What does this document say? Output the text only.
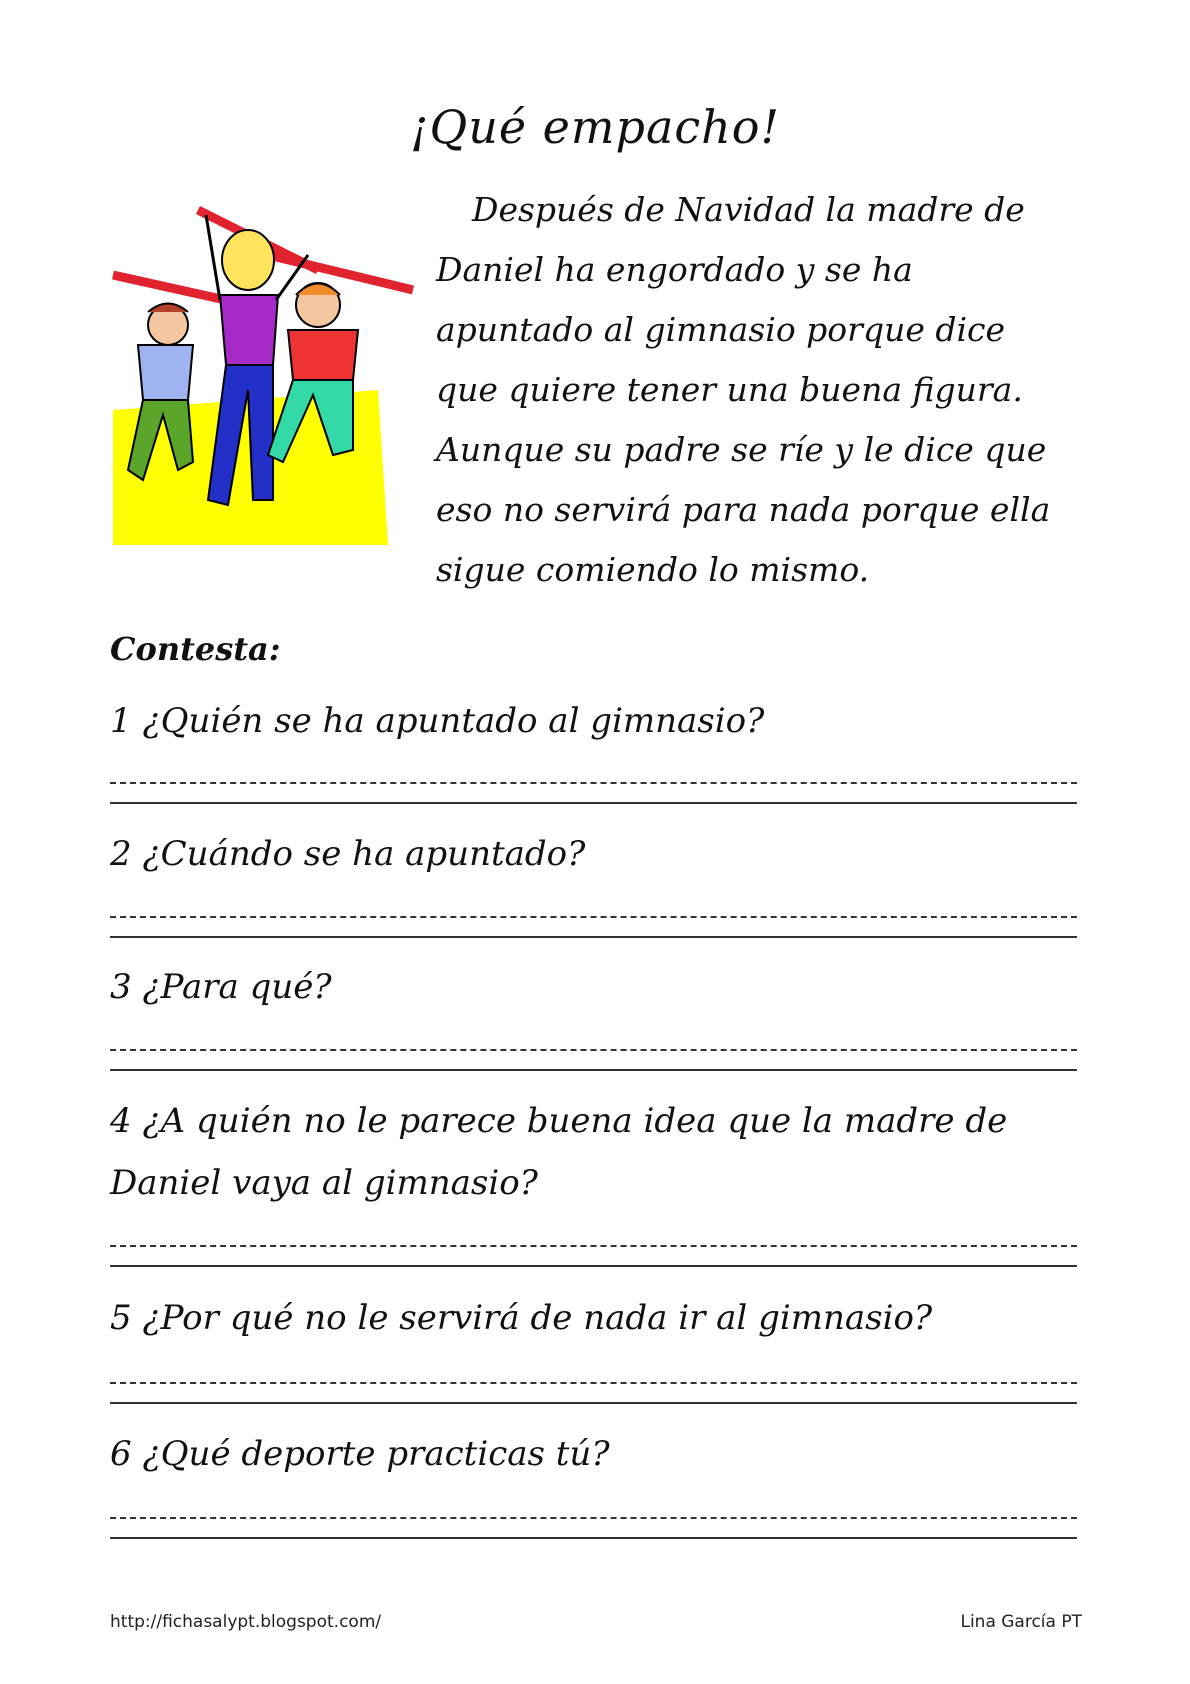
¡Qué empacho!
Después de Navidad la madre de
Daniel ha engordado y se ha
apuntado al gimnasio porque dice
que quiere tener una buena figura.
Aunque su padre se ríe y le dice que
eso no servirá para nada porque ella
sigue comiendo lo mismo.
Contesta:
1 ¿Quién se ha apuntado al gimnasio?
2 ¿Cuándo se ha apuntado?
3 ¿Para qué?
4 ¿A quién no le parece buena idea que la madre de
Daniel vaya al gimnasio?
5 ¿Por qué no le servirá de nada ir al gimnasio?
6 ¿Qué deporte practicas tú?
http://fichasalypt.blogspot.com/	Lina García PT
